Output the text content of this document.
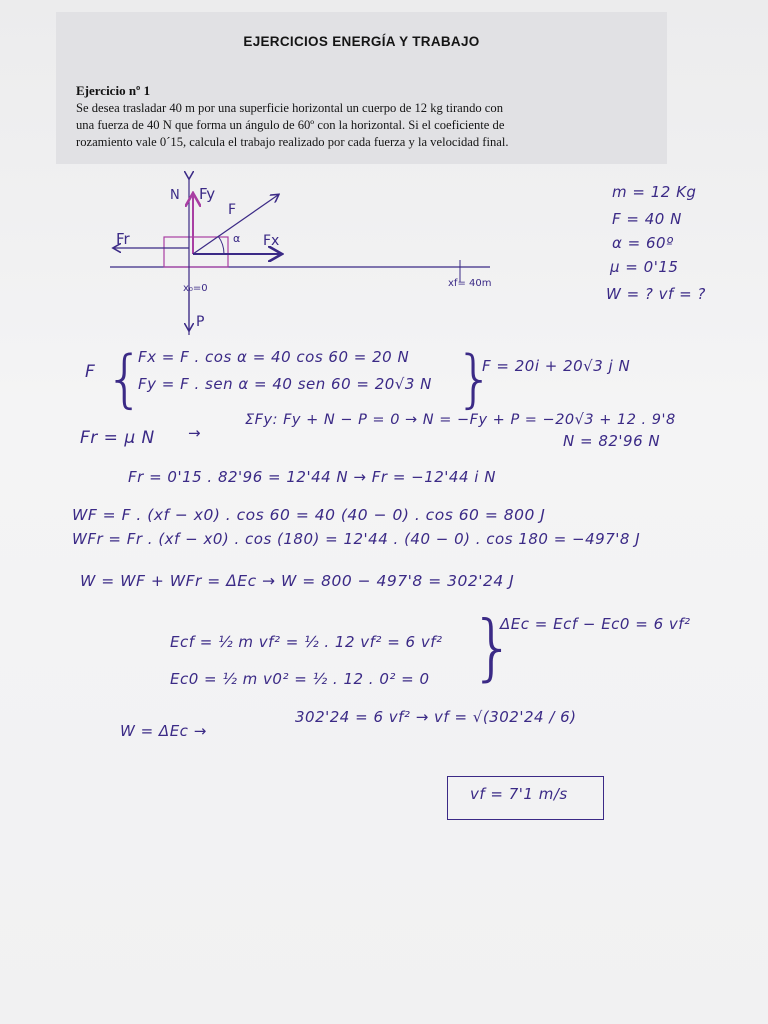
EJERCICIOS ENERGÍA Y TRABAJO
Ejercicio nº 1
Se desea trasladar 40 m por una superficie horizontal un cuerpo de 12 kg tirando con
una fuerza de 40 N que forma un ángulo de 60º con la horizontal. Si el coeficiente de
rozamiento vale 0´15, calcula el trabajo realizado por cada fuerza y la velocidad final.
N Fy
F
α Fx
Fr
x₀=0	xf= 40m
P
m = 12 Kg
F = 40 N
α = 60º
μ = 0'15
W = ? vf = ?
F {
Fx = F . cos α = 40 cos 60 = 20 N
Fy = F . sen α = 40 sen 60 = 20√3 N }
F = 20i + 20√3 j N
Fr = μ N →
ΣFy: Fy + N − P = 0 → N = −Fy + P = −20√3 + 12 . 9'8
N = 82'96 N
Fr = 0'15 . 82'96 = 12'44 N → Fr = −12'44 i N
WF = F . (xf − x0) . cos 60 = 40 (40 − 0) . cos 60 = 800 J
WFr = Fr . (xf − x0) . cos (180) = 12'44 . (40 − 0) . cos 180 = −497'8 J
W = WF + WFr = ΔEc → W = 800 − 497'8 = 302'24 J
Ecf = ½ m vf² = ½ . 12 vf² = 6 vf²
Ec0 = ½ m v0² = ½ . 12 . 0² = 0 }
ΔEc = Ecf − Ec0 = 6 vf²
W = ΔEc →
302'24 = 6 vf² → vf = √(302'24 / 6)
vf = 7'1 m/s
